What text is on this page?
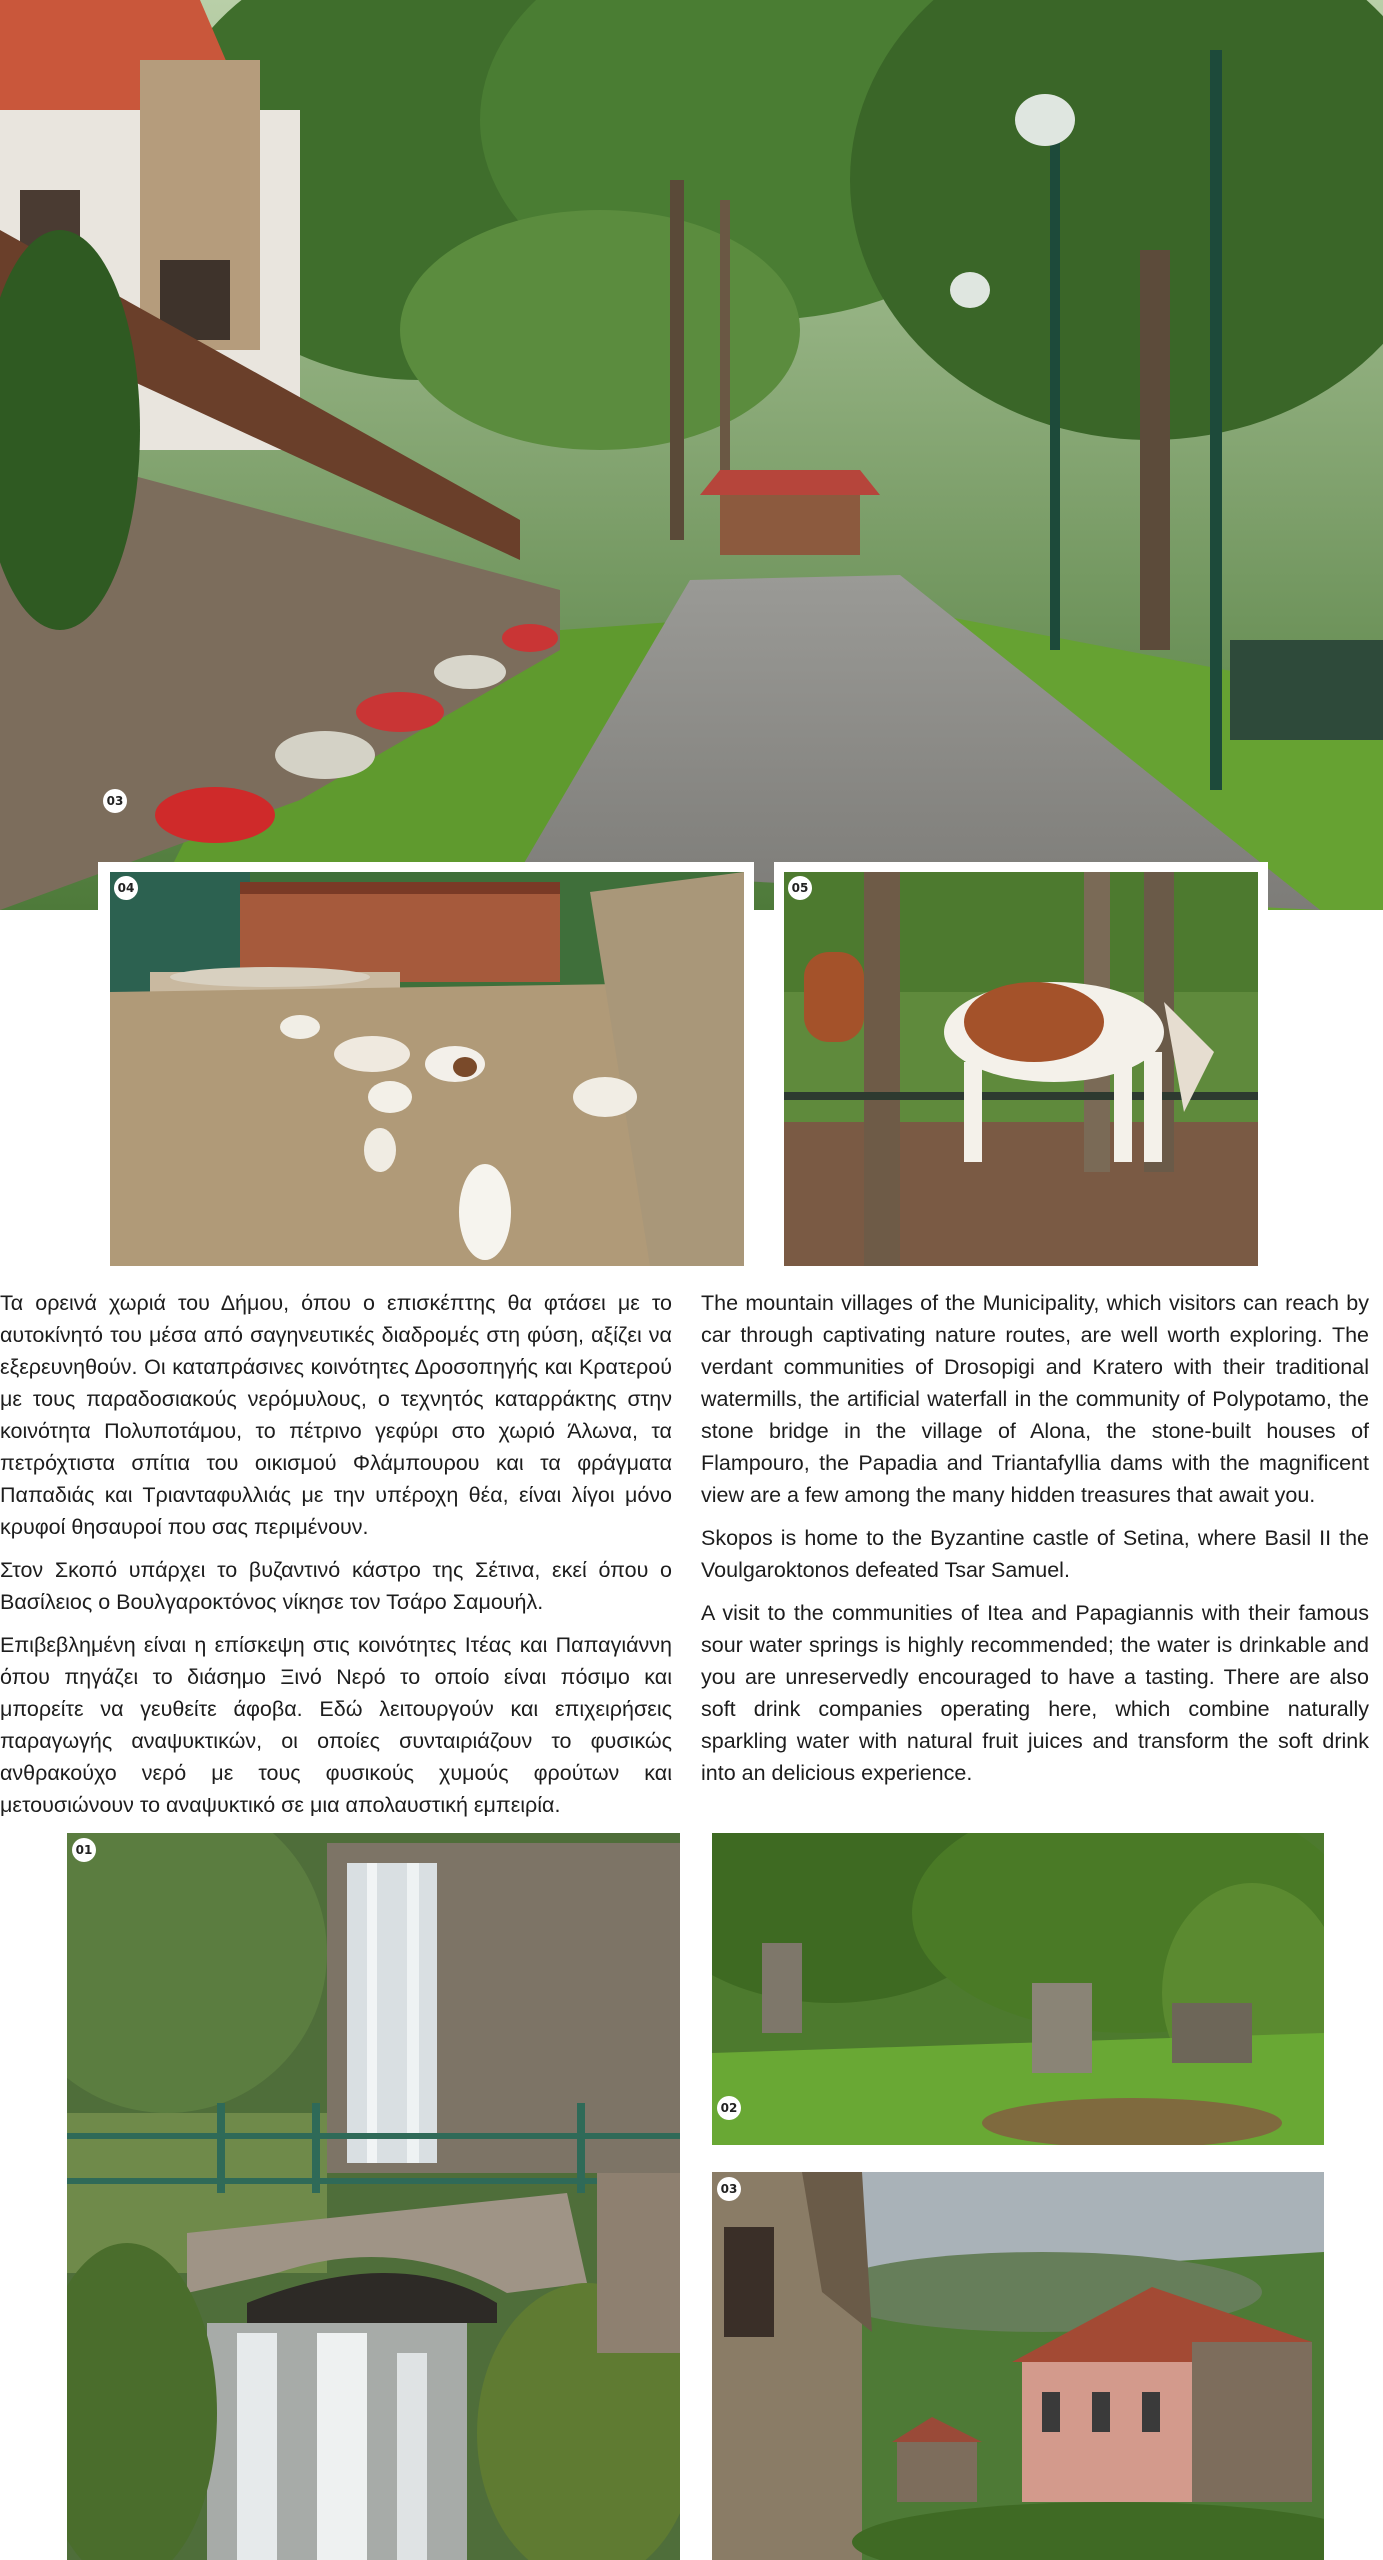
03
04	05

Τα ορεινά χωριά του Δήμου, όπου ο επισκέπτης θα φτάσει με το αυτοκίνητό του μέσα από σαγηνευτικές διαδρομές στη φύση, αξίζει να εξερευνηθούν. Οι καταπράσινες κοινότητες Δροσοπηγής και Κρατερού με τους παραδοσιακούς νερόμυλους, ο τεχνητός καταρράκτης στην κοινότητα Πολυποτάμου, το πέτρινο γεφύρι στο χωριό Άλωνα, τα πετρόχτιστα σπίτια του οικισμού Φλάμπουρου και τα φράγματα Παπαδιάς και Τριανταφυλλιάς με την υπέροχη θέα, είναι λίγοι μόνο κρυφοί θησαυροί που σας περιμένουν.

Στον Σκοπό υπάρχει το βυζαντινό κάστρο της Σέτινα, εκεί όπου ο Βασίλειος ο Βουλγαροκτόνος νίκησε τον Τσάρο Σαμουήλ.

Επιβεβλημένη είναι η επίσκεψη στις κοινότητες Ιτέας και Παπαγιάννη όπου πηγάζει το διάσημο Ξινό Νερό το οποίο είναι πόσιμο και μπορείτε να γευθείτε άφοβα. Εδώ λειτουργούν και επιχειρήσεις παραγωγής αναψυκτικών, οι οποίες συνταιριάζουν το φυσικώς ανθρακούχο νερό με τους φυσικούς χυμούς φρούτων και μετουσιώνουν το αναψυκτικό σε μια απολαυστική εμπειρία.

The mountain villages of the Municipality, which visitors can reach by car through captivating nature routes, are well worth exploring. The verdant communities of Drosopigi and Kratero with their traditional watermills, the artificial waterfall in the community of Polypotamo, the stone bridge in the village of Alona, the stone-built houses of Flampouro, the Papadia and Triantafyllia dams with the magnificent view are a few among the many hidden treasures that await you.

Skopos is home to the Byzantine castle of Setina, where Basil II the Voulgaroktonos defeated Tsar Samuel.

A visit to the communities of Itea and Papagiannis with their famous sour water springs is highly recommended; the water is drinkable and you are unreservedly encouraged to have a tasting. There are also soft drink companies operating here, which combine naturally sparkling water with natural fruit juices and transform the soft drink into an delicious experience.

01
02
03
